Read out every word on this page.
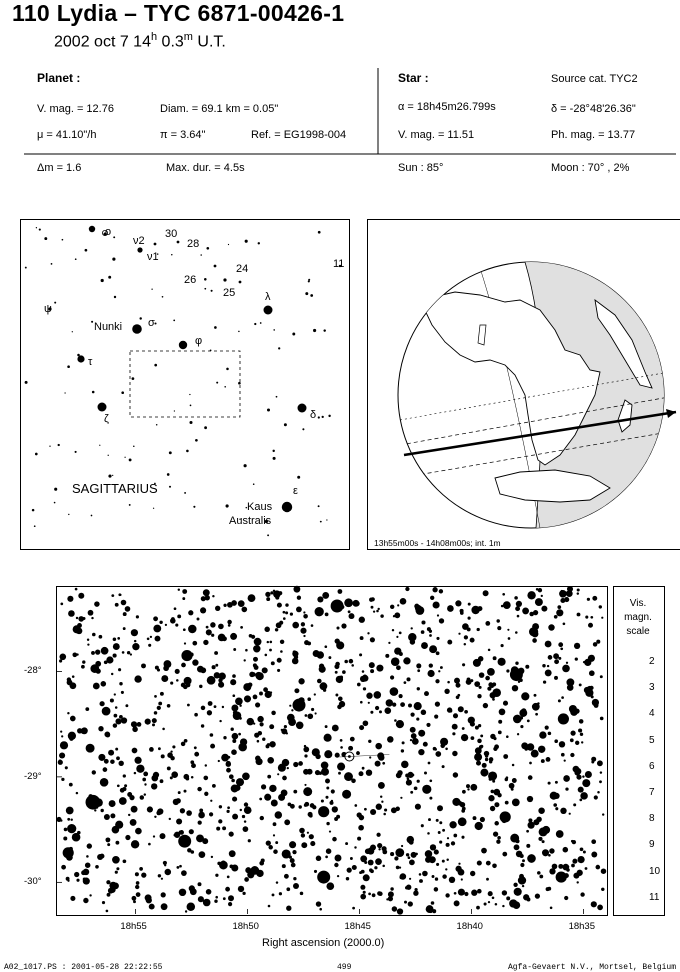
110 Lydia – TYC 6871-00426-1
2002 oct 7 14$^h$ 0.3$^m$ U.T.
Planet :
V. mag. = 12.76	Diam. = 69.1 km = 0.05"
μ = 41.10"/h	π = 3.64"	Ref. = EG1998-004
Δm = 1.6	Max. dur. = 4.5s
Star :	Source cat. TYC2
α = 18h45m26.799s	δ = -28°48'26.36"
V. mag. = 11.51	Ph. mag. = 13.77
Sun : 85°	Moon : 70° , 2%
ο
ν2
30
28
ν1
24
26
11
25	λ
ψ
σ
Nunki
φ
τ
δ
ζ
ε
Kaus
Australis
SAGITTARIUS
13h55m00s - 14h08m00s; int. 1m
18h55	18h50	18h45	18h40	18h35
-28°
-29°
-30°
Right ascension (2000.0)
Vis.
magn.
scale
2
3
4
5
6
7
8
9
10
11
A02_1017.PS : 2001-05-28 22:22:55	499	Agfa-Gevaert N.V., Mortsel, Belgium
